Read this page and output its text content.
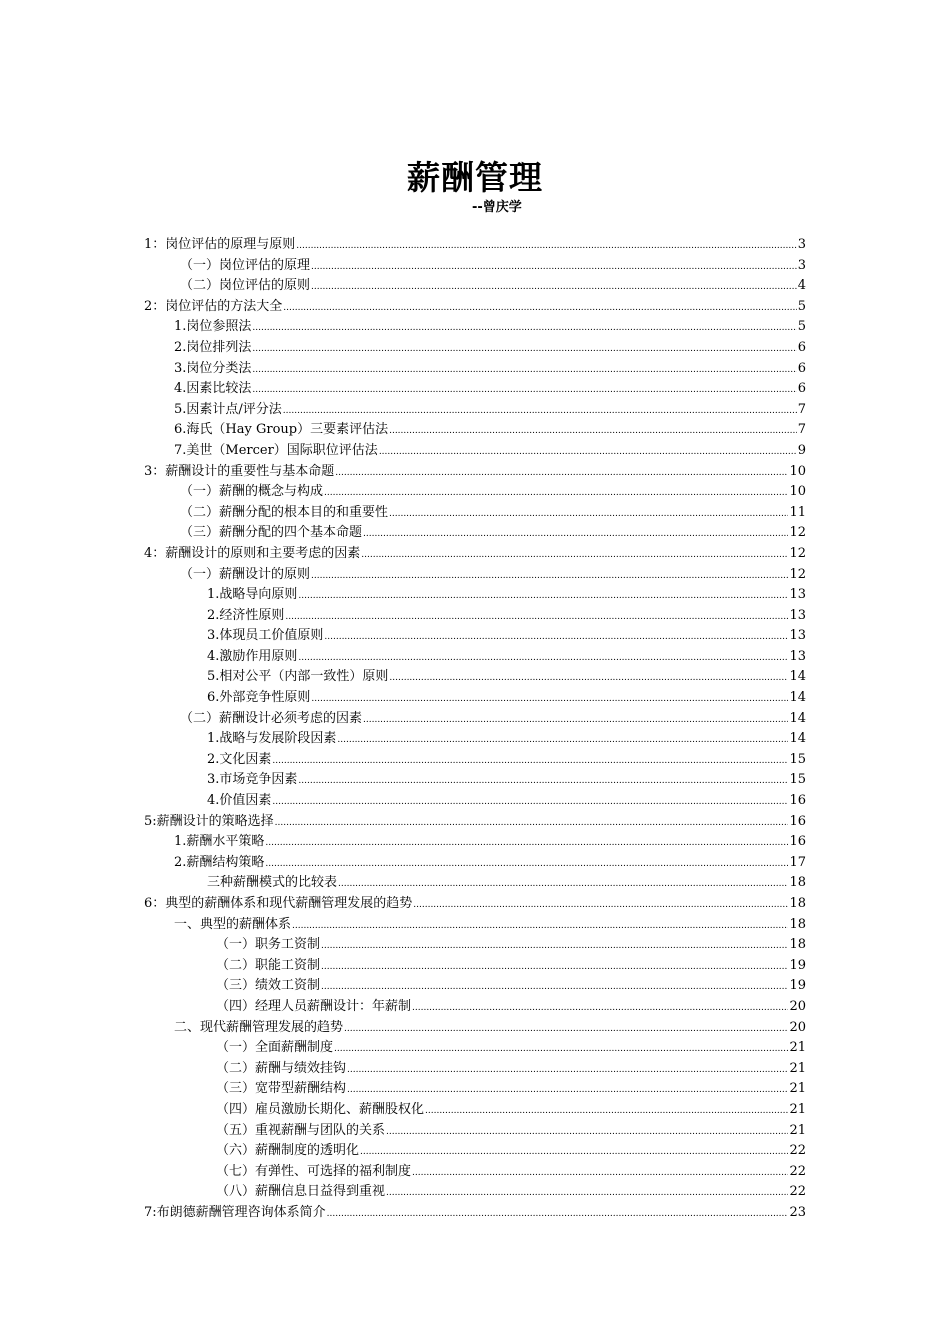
薪酬管理
--曾庆学
1：岗位评估的原理与原则 .....	3
（一）岗位评估的原理 .....	3
（二）岗位评估的原则 .....	4
2：岗位评估的方法大全 .....	5
1.岗位参照法 .....	5
2.岗位排列法 .....	6
3.岗位分类法 .....	6
4.因素比较法 .....	6
5.因素计点/评分法 .....	7
6.海氏（Hay Group）三要素评估法 .....	7
7.美世（Mercer）国际职位评估法 .....	9
3：薪酬设计的重要性与基本命题 .....	10
（一）薪酬的概念与构成 .....	10
（二）薪酬分配的根本目的和重要性 .....	11
（三）薪酬分配的四个基本命题 .....	12
4：薪酬设计的原则和主要考虑的因素 .....	12
（一）薪酬设计的原则 .....	12
1.战略导向原则 .....	13
2.经济性原则 .....	13
3.体现员工价值原则 .....	13
4.激励作用原则 .....	13
5.相对公平（内部一致性）原则 .....	14
6.外部竞争性原则 .....	14
（二）薪酬设计必须考虑的因素 .....	14
1.战略与发展阶段因素 .....	14
2.文化因素 .....	15
3.市场竞争因素 .....	15
4.价值因素 .....	16
5:薪酬设计的策略选择 .....	16
1.薪酬水平策略 .....	16
2.薪酬结构策略 .....	17
三种薪酬模式的比较表 .....	18
6：典型的薪酬体系和现代薪酬管理发展的趋势 .....	18
一、典型的薪酬体系 .....	18
（一）职务工资制 .....	18
（二）职能工资制 .....	19
（三）绩效工资制 .....	19
（四）经理人员薪酬设计：年薪制 .....	20
二、现代薪酬管理发展的趋势 .....	20
（一）全面薪酬制度 .....	21
（二）薪酬与绩效挂钩 .....	21
（三）宽带型薪酬结构 .....	21
（四）雇员激励长期化、薪酬股权化 .....	21
（五）重视薪酬与团队的关系 .....	21
（六）薪酬制度的透明化 .....	22
（七）有弹性、可选择的福利制度 .....	22
（八）薪酬信息日益得到重视 .....	22
7:布朗德薪酬管理咨询体系简介 .....	23
